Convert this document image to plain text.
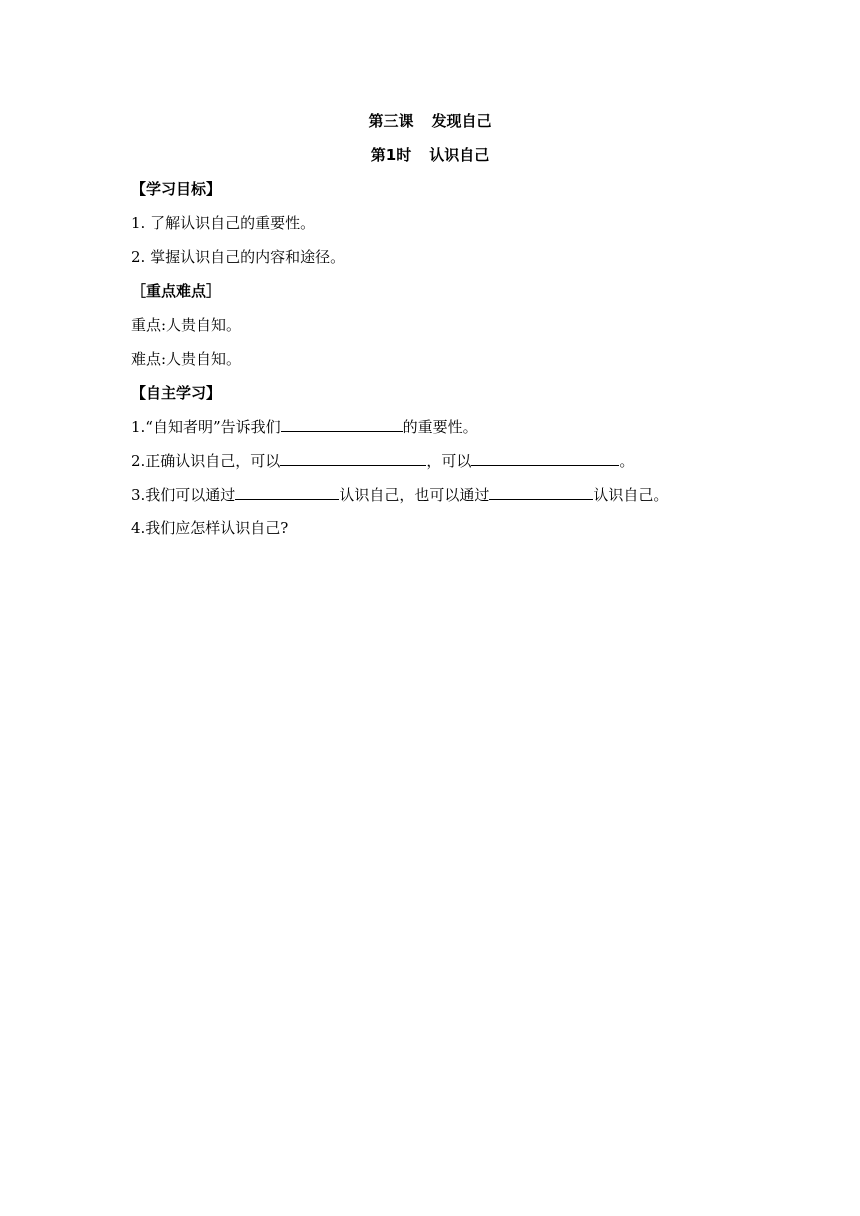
第三课 发现自己
第1时 认识自己
【学习目标】
1. 了解认识自己的重要性。
2. 掌握认识自己的内容和途径。
［重点难点］
重点:人贵自知。
难点:人贵自知。
【自主学习】
1.“自知者明”告诉我们	的重要性。
2.正确认识自己，可以	，可以	。
3.我们可以通过	认识自己，也可以通过	认识自己。
4.我们应怎样认识自己?
